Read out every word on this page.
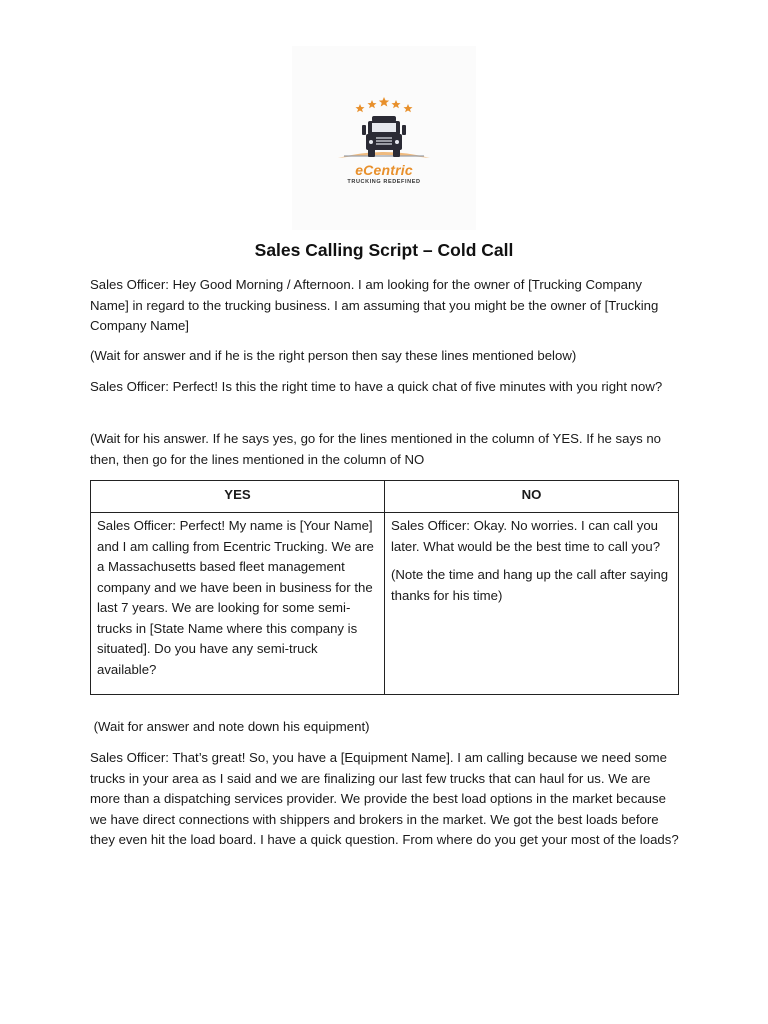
eCentric
TRUCKING REDEFINED
Sales Calling Script – Cold Call

Sales Officer: Hey Good Morning / Afternoon. I am looking for the owner of [Trucking Company Name] in regard to the trucking business. I am assuming that you might be the owner of [Trucking Company Name]

(Wait for answer and if he is the right person then say these lines mentioned below)

Sales Officer: Perfect! Is this the right time to have a quick chat of five minutes with you right now?

(Wait for his answer. If he says yes, go for the lines mentioned in the column of YES. If he says no then, then go for the lines mentioned in the column of NO

YES	NO

Sales Officer: Perfect! My name is [Your Name] and I am calling from Ecentric Trucking. We are a Massachusetts based fleet management company and we have been in business for the last 7 years. We are looking for some semi-trucks in [State Name where this company is situated]. Do you have any semi-truck available?	Sales Officer: Okay. No worries. I can call you later. What would be the best time to call you?

(Note the time and hang up the call after saying thanks for his time)

(Wait for answer and note down his equipment)

Sales Officer: That’s great! So, you have a [Equipment Name]. I am calling because we need some trucks in your area as I said and we are finalizing our last few trucks that can haul for us. We are more than a dispatching services provider. We provide the best load options in the market because we have direct connections with shippers and brokers in the market. We got the best loads before they even hit the load board. I have a quick question. From where do you get your most of the loads?
